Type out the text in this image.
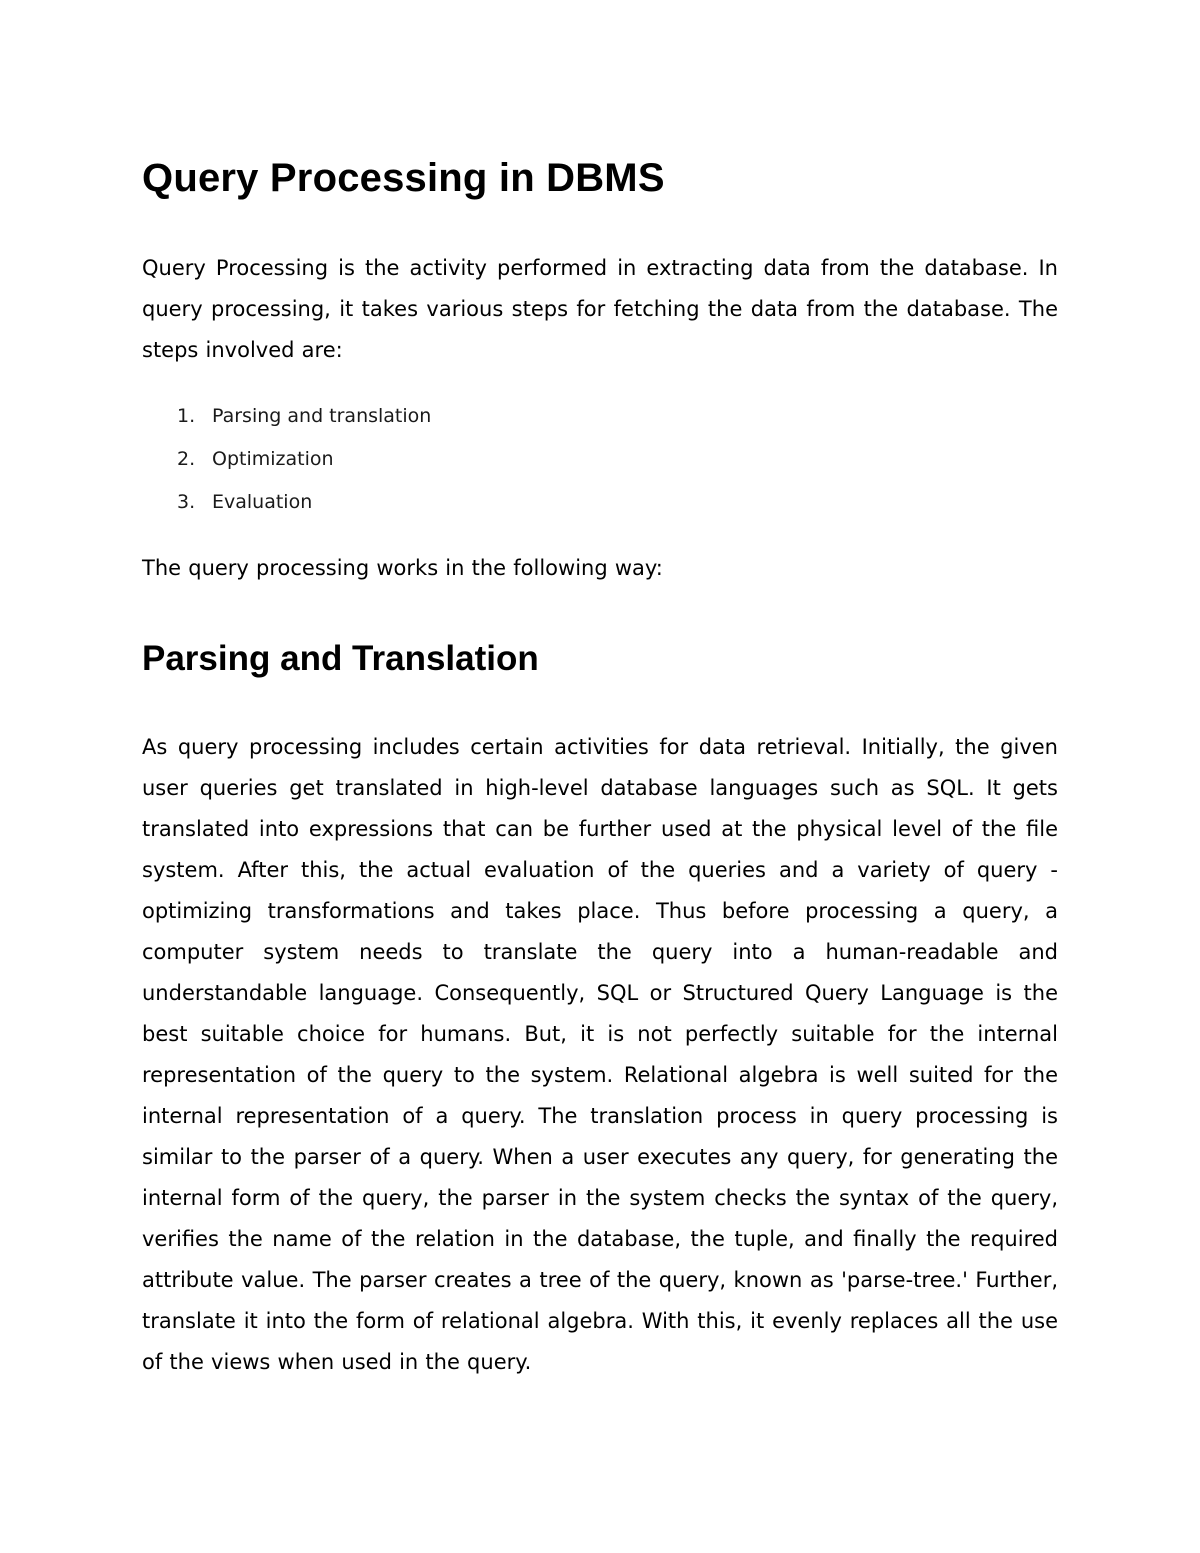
Query Processing in DBMS

Query Processing is the activity performed in extracting data from the database. In query processing, it takes various steps for fetching the data from the database. The steps involved are:

1. Parsing and translation
2. Optimization
3. Evaluation

The query processing works in the following way:

Parsing and Translation

As query processing includes certain activities for data retrieval. Initially, the given user queries get translated in high-level database languages such as SQL. It gets translated into expressions that can be further used at the physical level of the file system. After this, the actual evaluation of the queries and a variety of query -optimizing transformations and takes place. Thus before processing a query, a computer system needs to translate the query into a human-readable and understandable language. Consequently, SQL or Structured Query Language is the best suitable choice for humans. But, it is not perfectly suitable for the internal representation of the query to the system. Relational algebra is well suited for the internal representation of a query. The translation process in query processing is similar to the parser of a query. When a user executes any query, for generating the internal form of the query, the parser in the system checks the syntax of the query, verifies the name of the relation in the database, the tuple, and finally the required attribute value. The parser creates a tree of the query, known as 'parse-tree.' Further, translate it into the form of relational algebra. With this, it evenly replaces all the use of the views when used in the query.
